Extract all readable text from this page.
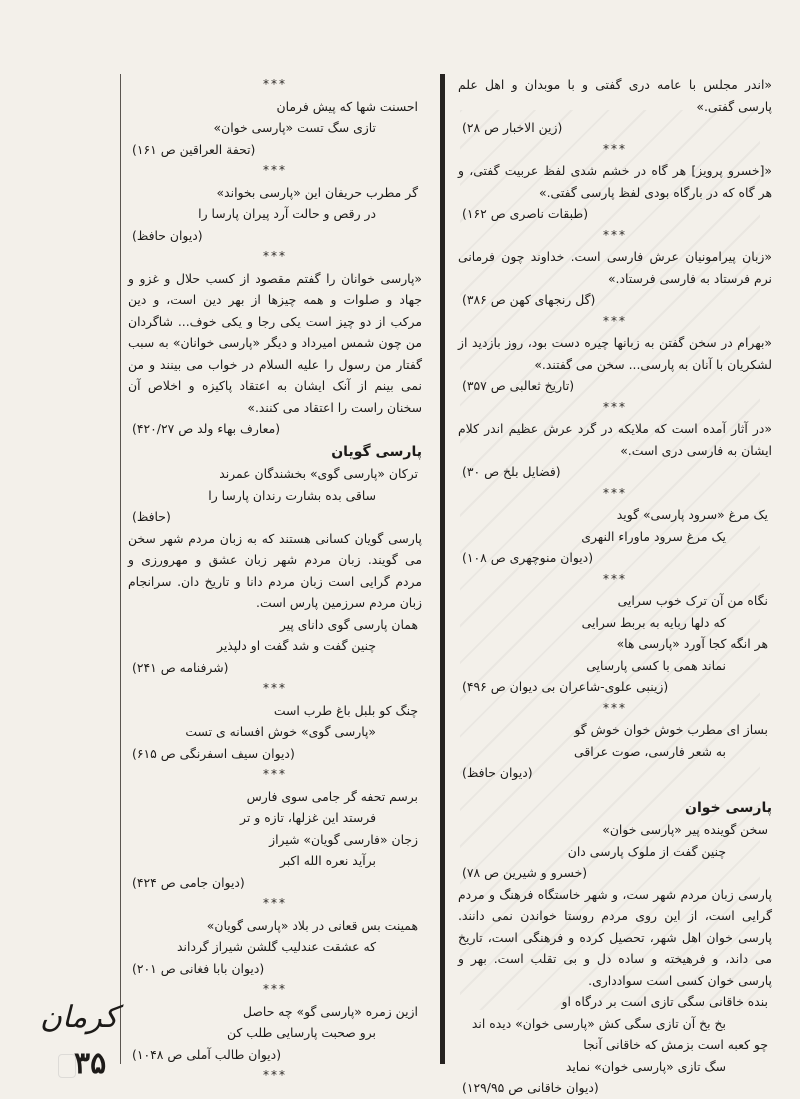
«اندر مجلس با عامه دری گفتی و با موبدان و اهل علم پارسی گفتی.»
(زین الاخبار ص ۲۸)
***
«[خسرو پرویز] هر گاه در خشم شدی لفظ عربیت گفتی، و هر گاه که در بارگاه بودی لفظ پارسی گفتی.»
(طبقات ناصری ص ۱۶۲)
***
«زبان پیرامونیان عرش فارسی است. خداوند چون فرمانی نرم فرستاد به فارسی فرستاد.»
(گل رنجهای کهن ص ۳۸۶)
***
«بهرام در سخن گفتن به زبانها چیره دست بود، روز بازدید از لشکریان با آنان به پارسی... سخن می گفتند.»
(تاریخ ثعالبی ص ۳۵۷)
***
«در آثار آمده است که ملایکه در گرد عرش عظیم اندر کلام ایشان به فارسی دری است.»
(فضایل بلخ ص ۳۰)
***
یک مرغ «سرود پارسی» گوید
یک مرغ سرود ماوراء النهری
(دیوان منوچهری ص ۱۰۸)
***
نگاه من آن ترک خوب سرایی
که دلها ربایه به بربط سرایی
هر انگه کجا آورد «پارسی ها»
نماند همی با کسی پارسایی
(زینبی علوی-شاعران بی دیوان ص ۴۹۶)
***
بساز ای مطرب خوش خوان خوش گو
به شعر فارسی، صوت عراقی
(دیوان حافظ)
پارسی خوان
سخن گوینده پیر «پارسی خوان»
چنین گفت از ملوک پارسی دان
(خسرو و شیرین ص ۷۸)
پارسی زبان مردم شهر ست، و شهر خاستگاه فرهنگ و مردم گرایی است، از این روی مردم روستا خواندن نمی دانند. پارسی خوان اهل شهر، تحصیل کرده و فرهنگی است، تاریخ می داند، و فرهیخته و ساده دل و بی تقلب است. بهر و پارسی خوان کسی است سوادداری.
بنده خاقانی سگی تازی است بر درگاه او
بخ بخ آن تازی سگی کش «پارسی خوان» دیده اند
چو کعبه است بزمش که خاقانی آنجا
سگ تازی «پارسی خوان» نماید
(دیوان خاقانی ص ۱۲۹/۹۵)
***
احسنت شها که پیش فرمان
تازی سگ تست «پارسی خوان»
(تحفة العراقین ص ۱۶۱)
***
گر مطرب حریفان این «پارسی بخواند»
در رقص و حالت آرد پیران پارسا را
(دیوان حافظ)
***
«پارسی خوانان را گفتم مقصود از کسب حلال و غزو و جهاد و صلوات و همه چیزها از بهر دین است، و دین مرکب از دو چیز است یکی رجا و یکی خوف... شاگردان من چون شمس امیرداد و دیگر «پارسی خوانان» به سبب گفتار من رسول را علیه السلام در خواب می بینند و من نمی بینم از آنک ایشان به اعتقاد پاکیزه و اخلاص آن سخنان راست را اعتقاد می کنند.»
(معارف بهاء ولد ص ۴۲۰/۲۷)
پارسی گویان
ترکان «پارسی گوی» بخشندگان عمرند
ساقی بده بشارت رندان پارسا را
(حافظ)
پارسی گویان کسانی هستند که به زبان مردم شهر سخن می گویند. زبان مردم شهر زبان عشق و مهرورزی و مردم گرایی است زبان مردم دانا و تاریخ دان. سرانجام زبان مردم سرزمین پارس است.
همان پارسی گوی دانای پیر
چنین گفت و شد گفت او دلپذیر
(شرفنامه ص ۲۴۱)
***
چنگ کو بلبل باغ طرب است
«پارسی گوی» خوش افسانه ی تست
(دیوان سیف اسفرنگی ص ۶۱۵)
***
برسم تحفه گر جامی سوی فارس
فرستد این غزلها، تازه و تر
زجان «فارسی گویان» شیراز
برآید نعره الله اکبر
(دیوان جامی ص ۴۲۴)
***
همینت بس قعانی در بلاد «پارسی گویان»
که عشقت عندلیب گلشن شیراز گرداند
(دیوان بابا فغانی ص ۲۰۱)
***
ازین زمره «پارسی گو» چه حاصل
برو صحبت پارسایی طلب کن
(دیوان طالب آملی ص ۱۰۴۸)
***
کرمان
۳۵
